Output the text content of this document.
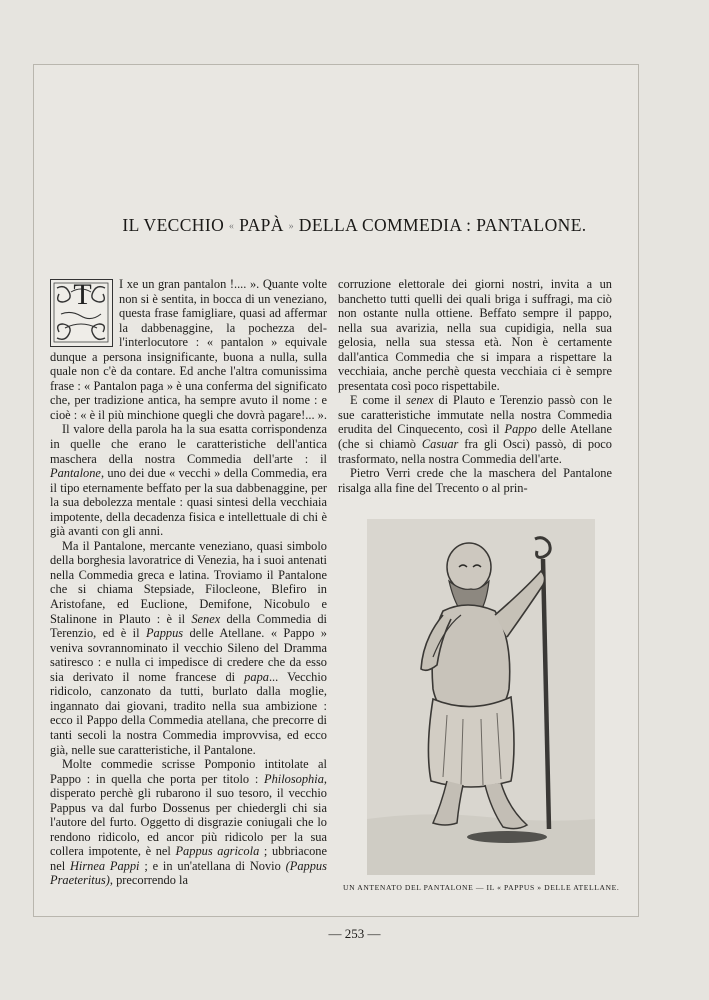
IL VECCHIO « PAPÀ » DELLA COMMEDIA : PANTALONE.
T	I xe un gran pantalon !.... ». Quante volte non si è sentita, in bocca di un veneziano, questa frase famigliare, quasi ad affermar la dabbenaggine, la pochezza del-l'interlocutore : « pantalon » equivale dunque a persona insignificante, buona a nulla, sulla quale non c'è da contare. Ed anche l'altra comunissima frase : « Pantalon paga » è una conferma del significato che, per tradizione antica, ha sempre avuto il nome : e cioè : « è il più minchione quegli che dovrà pagare!... ».

Il valore della parola ha la sua esatta corrispondenza in quelle che erano le caratteristiche dell'antica maschera della nostra Commedia dell'arte : il Pantalone, uno dei due « vecchi » della Commedia, era il tipo eternamente beffato per la sua dabbenaggine, per la sua debolezza mentale : quasi sintesi della vecchiaia impotente, della decadenza fisica e intellettuale di chi è già avanti con gli anni.

Ma il Pantalone, mercante veneziano, quasi simbolo della borghesia lavoratrice di Venezia, ha i suoi antenati nella Commedia greca e latina. Troviamo il Pantalone che si chiama Stepsiade, Filocleone, Blefiro in Aristofane, ed Euclione, Demifone, Nicobulo e Stalinone in Plauto : è il Senex della Commedia di Terenzio, ed è il Pappus delle Atellane. « Pappo » veniva sovrannominato il vecchio Sileno del Dramma satiresco : e nulla ci impedisce di credere che da esso sia derivato il nome francese di papa... Vecchio ridicolo, canzonato da tutti, burlato dalla moglie, ingannato dai giovani, tradito nella sua ambizione : ecco il Pappo della Commedia atellana, che precorre di tanti secoli la nostra Commedia improvvisa, ed ecco già, nelle sue caratteristiche, il Pantalone.

Molte commedie scrisse Pomponio intitolate al Pappo : in quella che porta per titolo : Philosophia, disperato perchè gli rubarono il suo tesoro, il vecchio Pappus va dal furbo Dossenus per chiedergli chi sia l'autore del furto. Oggetto di disgrazie coniugali che lo rendono ridicolo, ed ancor più ridicolo per la sua collera impotente, è nel Pappus agricola ; ubbriacone nel Hirnea Pappi ; e in un'atellana di Novio (Pappus Praeteritus), precorrendo la

corruzione elettorale dei giorni nostri, invita a un banchetto tutti quelli dei quali briga i suffragi, ma ciò non ostante nulla ottiene. Beffato sempre il pappo, nella sua avarizia, nella sua cupidigia, nella sua gelosia, nella sua stessa età. Non è certamente dall'antica Commedia che si impara a rispettare la vecchiaia, anche perchè questa vecchiaia ci è sempre presentata così poco rispettabile.

E come il senex di Plauto e Terenzio passò con le sue caratteristiche immutate nella nostra Commedia erudita del Cinquecento, così il Pappo delle Atellane (che si chiamò Casuar fra gli Osci) passò, di poco trasformato, nella nostra Commedia dell'arte.

Pietro Verri crede che la maschera del Pantalone risalga alla fine del Trecento o al prin-

UN ANTENATO DEL PANTALONE — IL « PAPPUS » DELLE ATELLANE.
— 253 —
